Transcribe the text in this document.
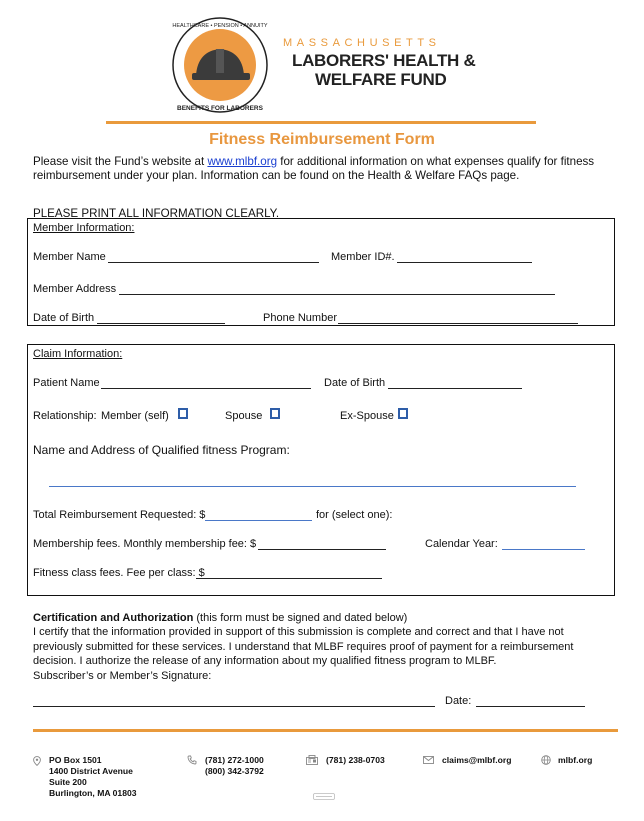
HEALTHCARE • PENSION • ANNUITY
BENEFITS FOR LABORERS
MASSACHUSETTS
LABORERS' HEALTH &
WELFARE FUND
Fitness Reimbursement Form
Please visit the Fund’s website at www.mlbf.org for additional information on what expenses qualify for fitness reimbursement under your plan. Information can be found on the Health & Welfare FAQs page.
PLEASE PRINT ALL INFORMATION CLEARLY.
Member Information:
Member Name	Member ID#.
Member Address
Date of Birth	Phone Number
Claim Information:
Patient Name	Date of Birth
Relationship: Member (self)	Spouse	Ex-Spouse
Name and Address of Qualified fitness Program:
Total Reimbursement Requested: $	for (select one):
Membership fees. Monthly membership fee: $	Calendar Year:
Fitness class fees. Fee per class: $
Certification and Authorization (this form must be signed and dated below)
I certify that the information provided in support of this submission is complete and correct and that I have not
previously submitted for these services. I understand that MLBF requires proof of payment for a reimbursement
decision. I authorize the release of any information about my qualified fitness program to MLBF.
Subscriber’s or Member’s Signature:
Date:
PO Box 1501
1400 District Avenue
Suite 200
Burlington, MA 01803
(781) 272-1000
(800) 342-3792
(781) 238-0703	claims@mlbf.org	mlbf.org
